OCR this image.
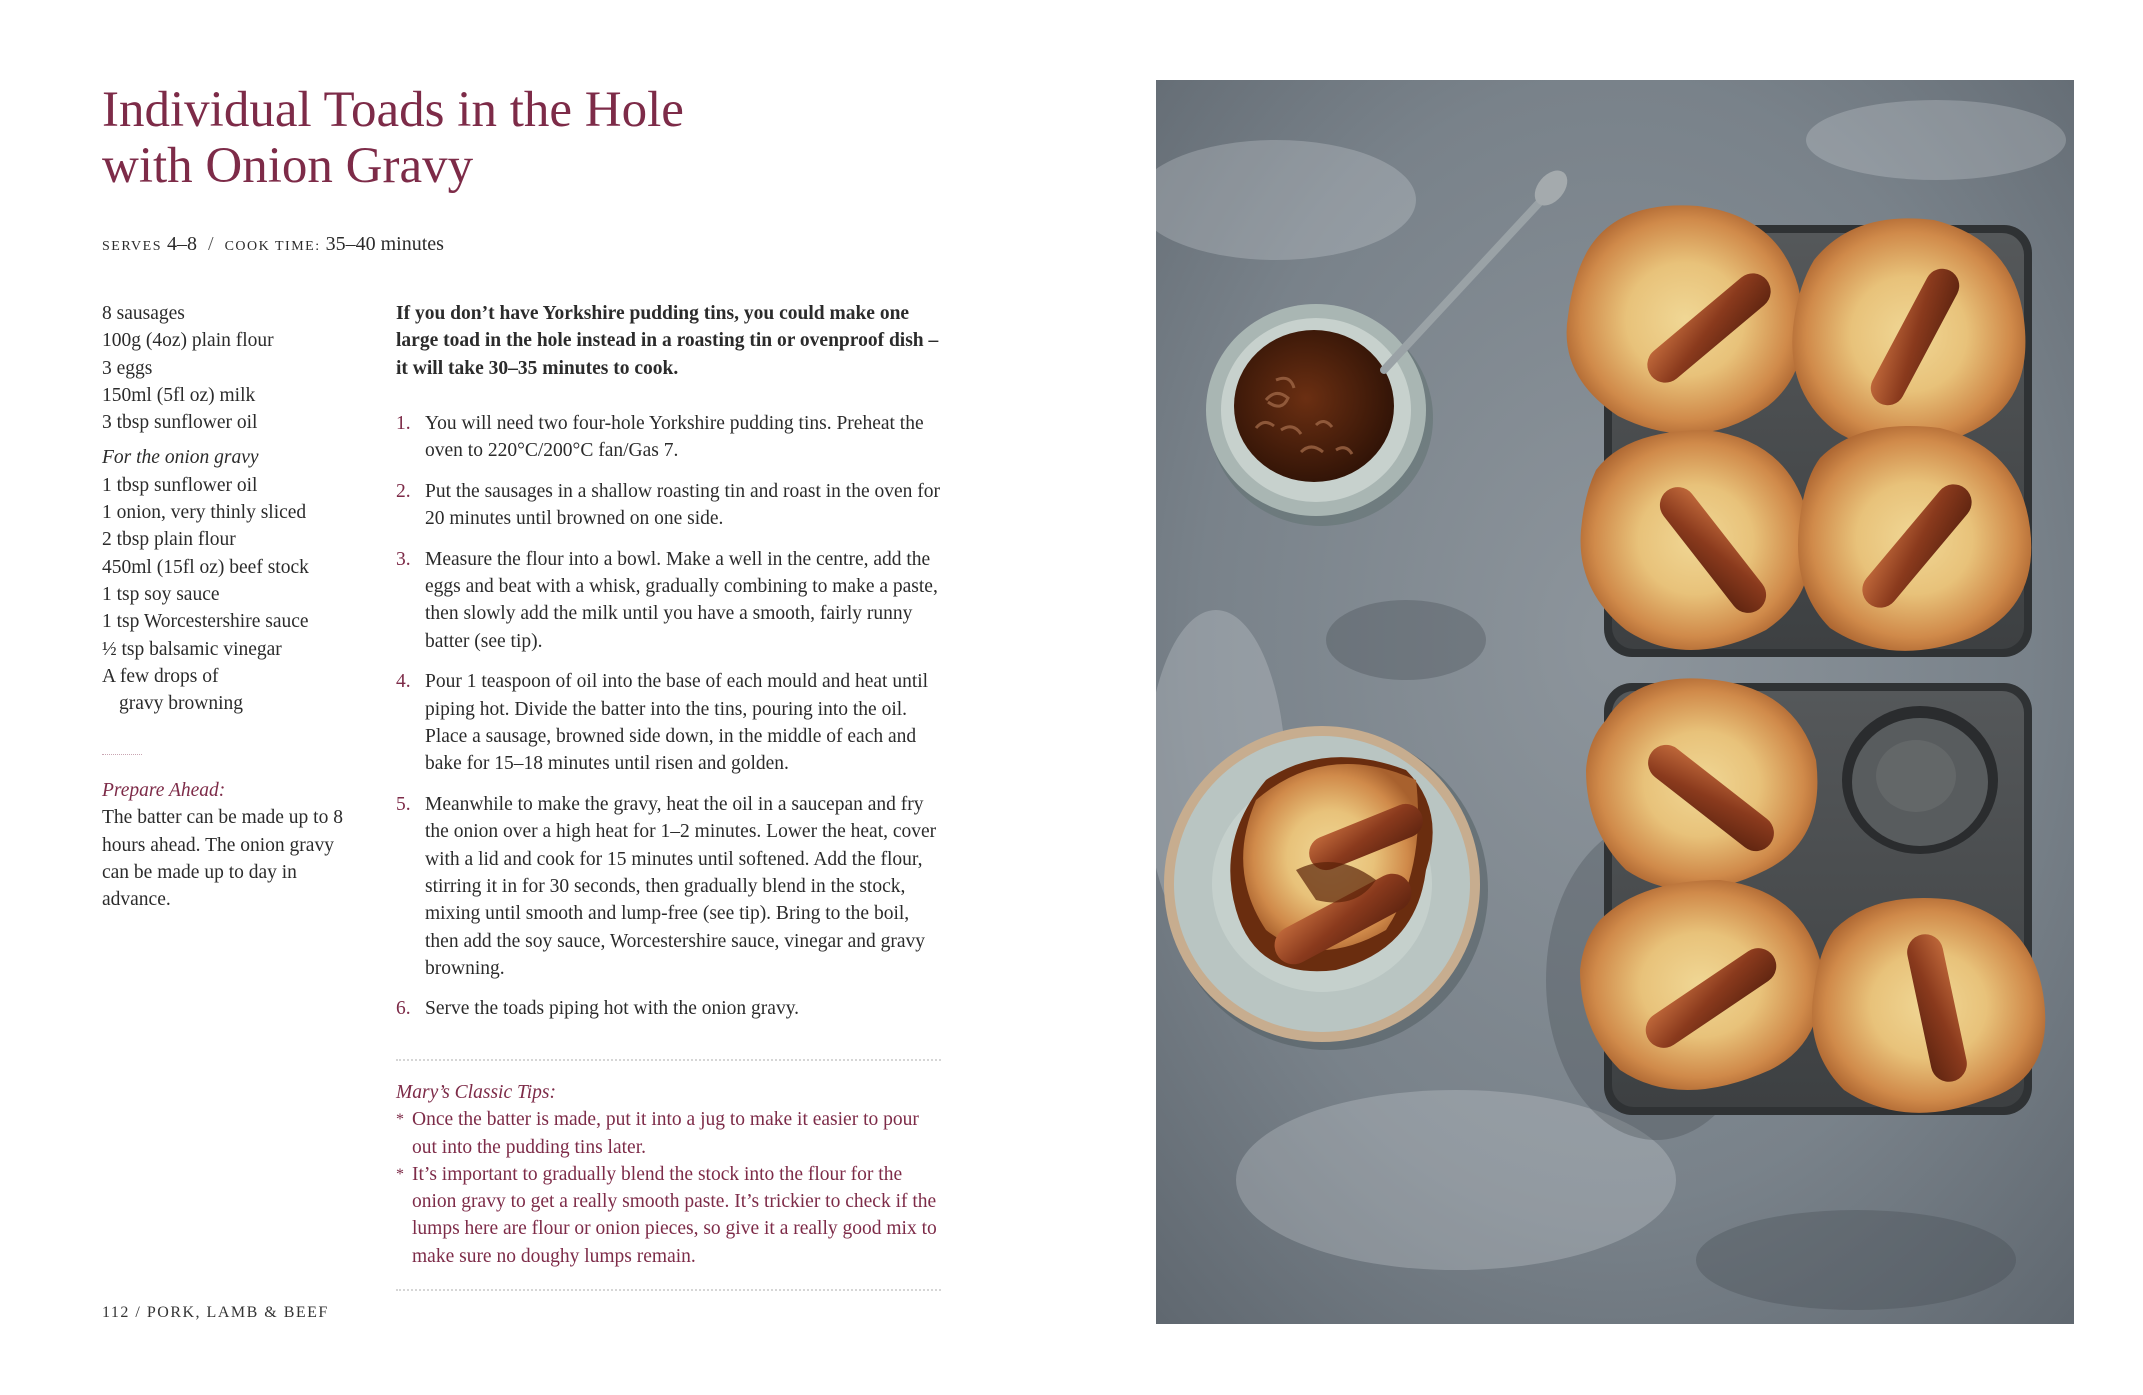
Individual Toads in the Hole
with Onion Gravy
SERVES 4–8 / COOK TIME: 35–40 minutes
8 sausages
100g (4oz) plain flour
3 eggs
150ml (5fl oz) milk
3 tbsp sunflower oil
For the onion gravy
1 tbsp sunflower oil
1 onion, very thinly sliced
2 tbsp plain flour
450ml (15fl oz) beef stock
1 tsp soy sauce
1 tsp Worcestershire sauce
½ tsp balsamic vinegar
A few drops of
gravy browning
Prepare Ahead:
The batter can be made up to 8 hours ahead. The onion gravy can be made up to day in advance.
If you don’t have Yorkshire pudding tins, you could make one large toad in the hole instead in a roasting tin or ovenproof dish – it will take 30–35 minutes to cook.
1. You will need two four-hole Yorkshire pudding tins. Preheat the oven to 220°C/200°C fan/Gas 7.
2. Put the sausages in a shallow roasting tin and roast in the oven for 20 minutes until browned on one side.
3. Measure the flour into a bowl. Make a well in the centre, add the eggs and beat with a whisk, gradually combining to make a paste, then slowly add the milk until you have a smooth, fairly runny batter (see tip).
4. Pour 1 teaspoon of oil into the base of each mould and heat until piping hot. Divide the batter into the tins, pouring into the oil. Place a sausage, browned side down, in the middle of each and bake for 15–18 minutes until risen and golden.
5. Meanwhile to make the gravy, heat the oil in a saucepan and fry the onion over a high heat for 1–2 minutes. Lower the heat, cover with a lid and cook for 15 minutes until softened. Add the flour, stirring it in for 30 seconds, then gradually blend in the stock, mixing until smooth and lump-free (see tip). Bring to the boil, then add the soy sauce, Worcestershire sauce, vinegar and gravy browning.
6. Serve the toads piping hot with the onion gravy.
Mary’s Classic Tips:
* Once the batter is made, put it into a jug to make it easier to pour out into the pudding tins later.
* It’s important to gradually blend the stock into the flour for the onion gravy to get a really smooth paste. It’s trickier to check if the lumps here are flour or onion pieces, so give it a really good mix to make sure no doughy lumps remain.
112 / PORK, LAMB & BEEF
